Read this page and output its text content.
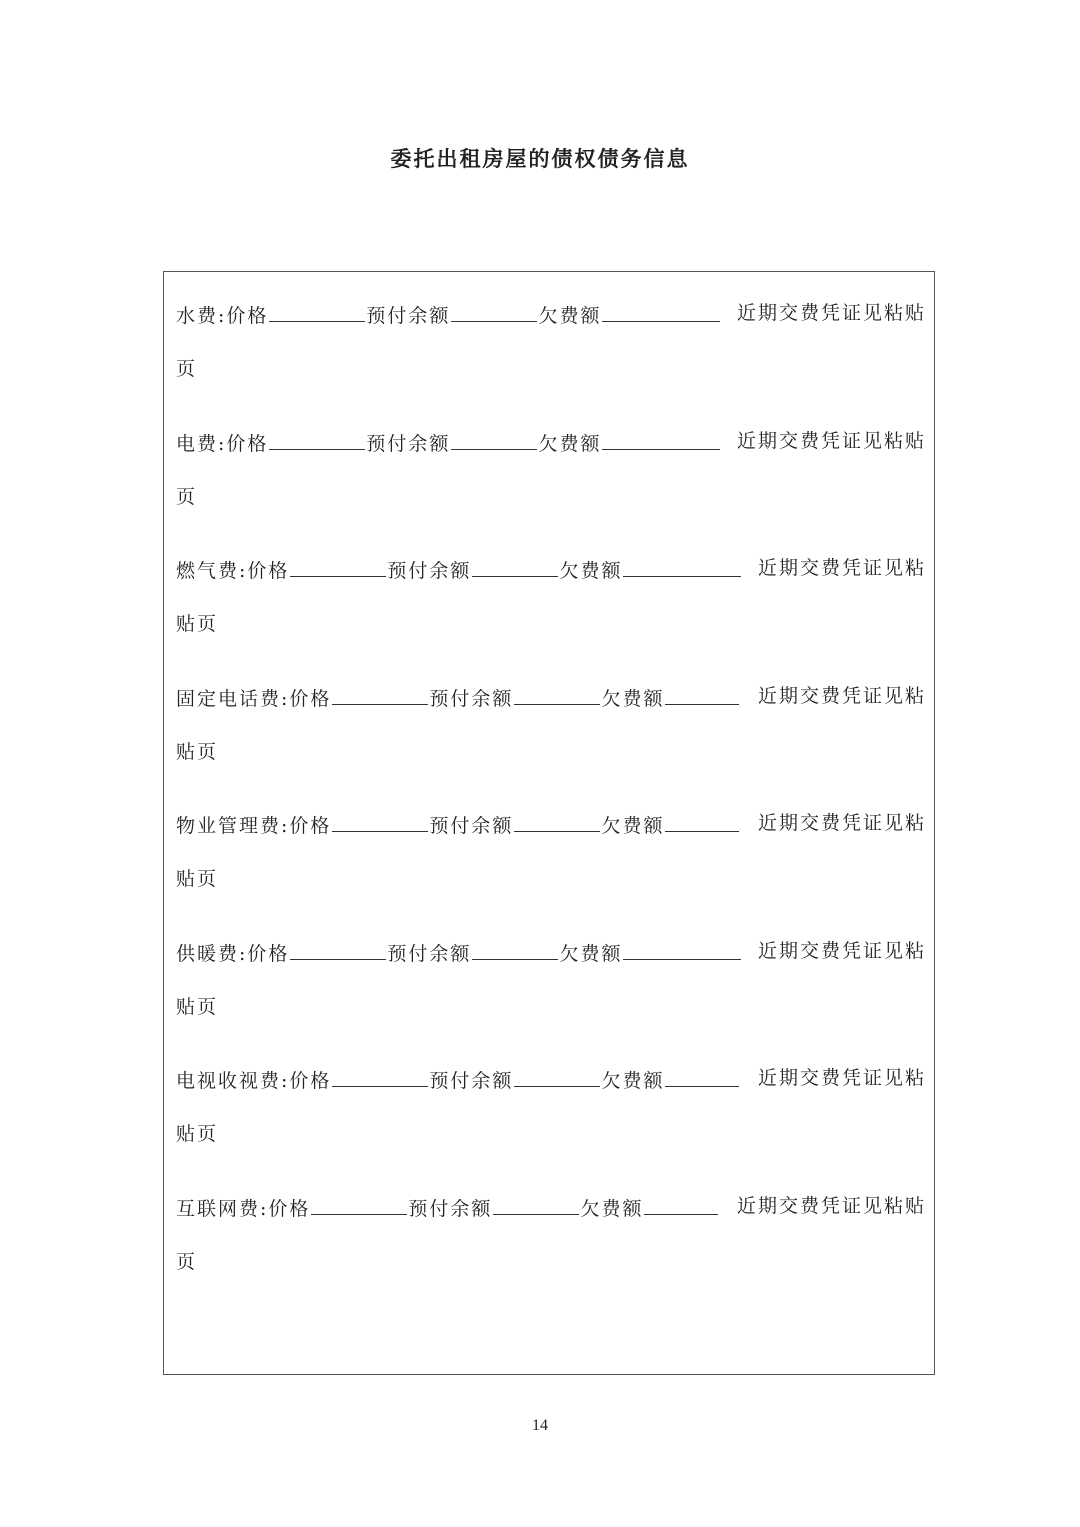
委托出租房屋的债权债务信息
水费:价格	预付余额	欠费额	近期交费凭证见粘贴
页
电费:价格	预付余额	欠费额	近期交费凭证见粘贴
页
燃气费:价格	预付余额	欠费额	近期交费凭证见粘
贴页
固定电话费:价格	预付余额	欠费额	近期交费凭证见粘
贴页
物业管理费:价格	预付余额	欠费额	近期交费凭证见粘
贴页
供暖费:价格	预付余额	欠费额	近期交费凭证见粘
贴页
电视收视费:价格	预付余额	欠费额	近期交费凭证见粘
贴页
互联网费:价格	预付余额	欠费额	近期交费凭证见粘贴
页
14
